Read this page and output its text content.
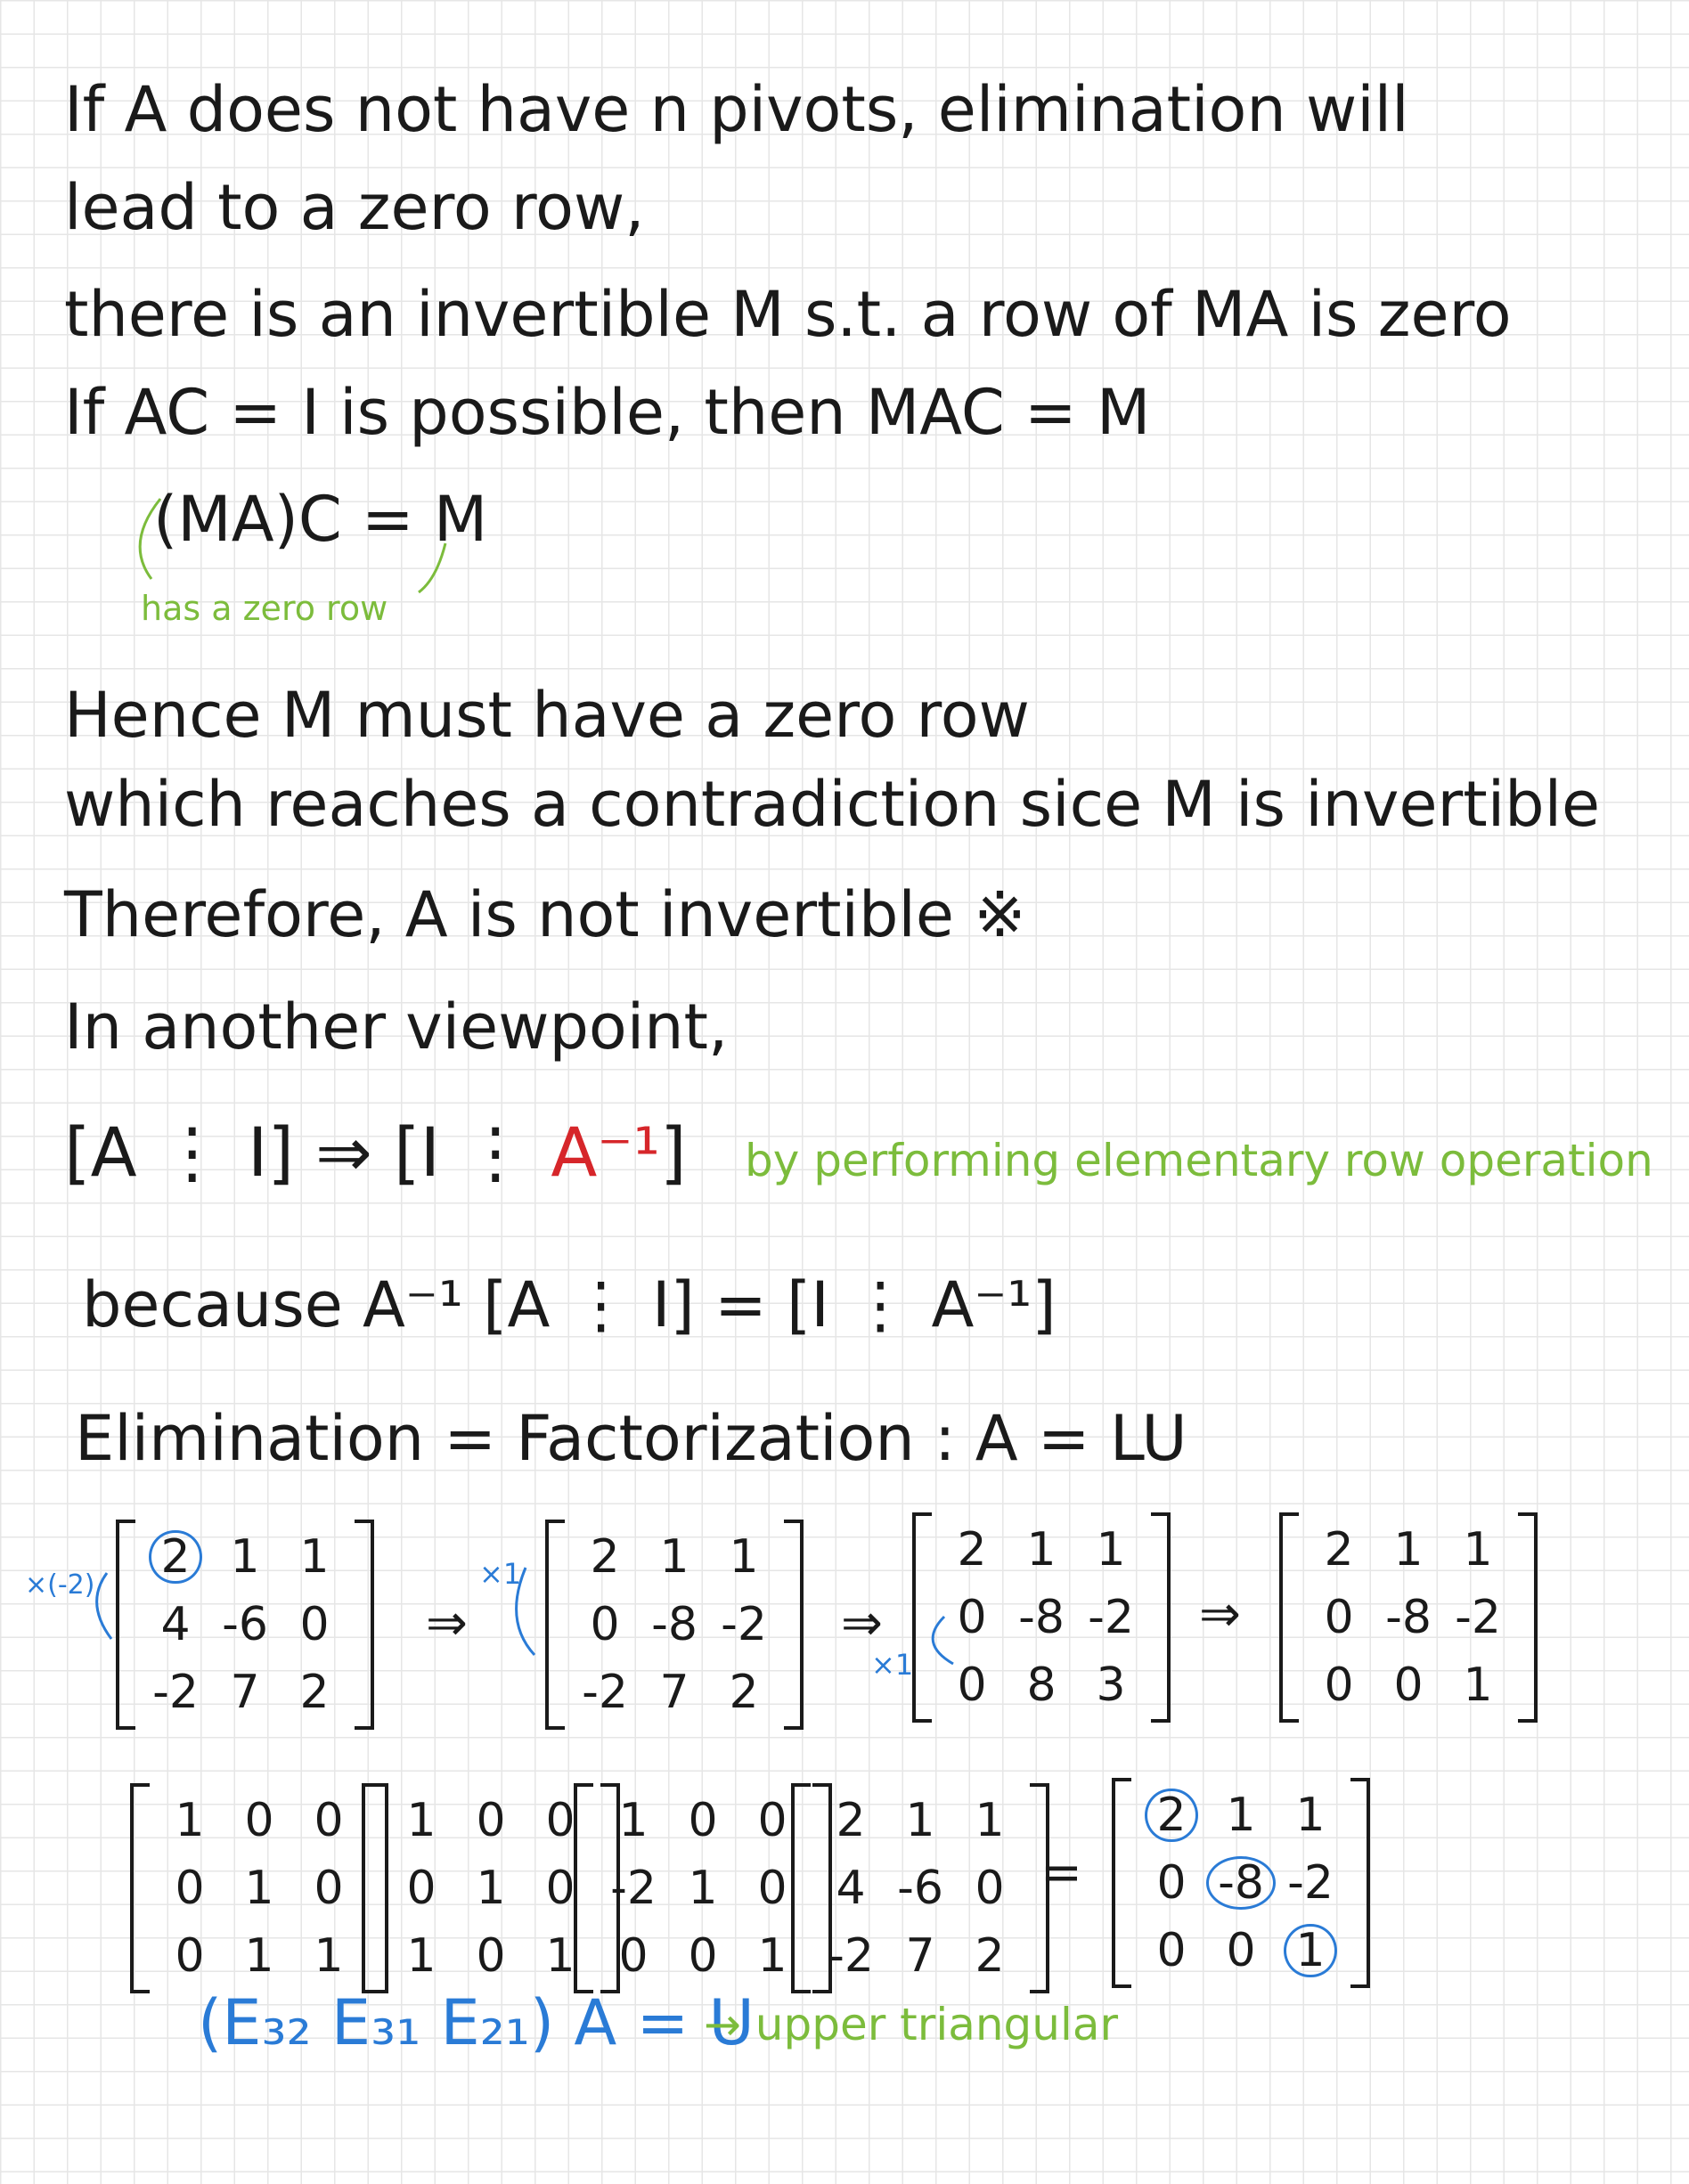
If A does not have n pivots, elimination will
lead to a zero row,
there is an invertible M s.t. a row of MA is zero
If AC = I is possible, then MAC = M
(MA)C = M
has a zero row
Hence M must have a zero row
which reaches a contradiction sice M is invertible
Therefore, A is not invertible ※
In another viewpoint,
[A ⋮ I] ⇒ [I ⋮ A⁻¹] by performing elementary row operation
because A⁻¹ [A ⋮ I] = [I ⋮ A⁻¹]
Elimination = Factorization : A = LU
×(-2)
2 1 1
4 -6 0
-2 7 2
⇒
×1 2 1 1
0 -8 -2
-2 7 2
⇒
×1
2 1 1
0 -8 -2
0 8 3
⇒
2 1 1
0 -8 -2
0 0 1
1 0 0
0 1 0
0 1 1
1 0 0
0 1 0
1 0 1
1 0 0
-2 1 0
0 0 1
2 1 1
4 -6 0
-2 7 2
=
2 1 1
0 -8 -2
0 0 1
(E₃₂ E₃₁ E₂₁) A = U
→ upper triangular
